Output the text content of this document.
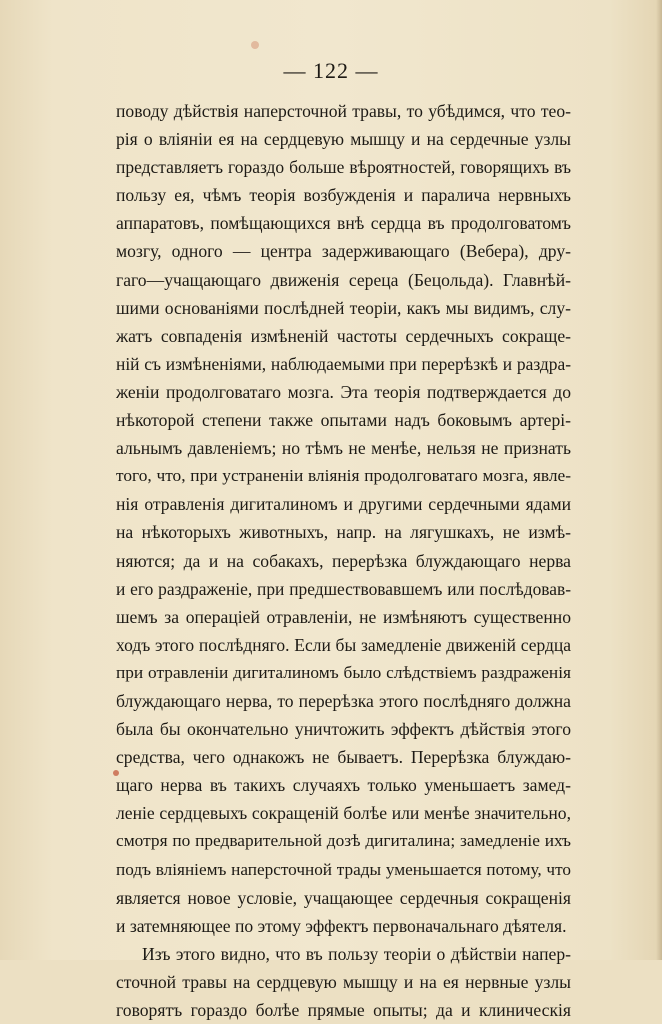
— 122 —
поводу дѣйствія наперсточной травы, то убѣдимся, что тео-
рія о вліяніи ея на сердцевую мышцу и на сердечные узлы
представляетъ гораздо больше вѣроятностей, говорящихъ въ
пользу ея, чѣмъ теорія возбужденія и паралича нервныхъ
аппаратовъ, помѣщающихся внѣ сердца въ продолговатомъ
мозгу, одного — центра задерживающаго (Вебера), дру-
гаго—учащающаго движенія серeца (Бецольда). Главнѣй-
шими основаніями послѣдней теоріи, какъ мы видимъ, слу-
жатъ совпаденія измѣненій частоты сердечныхъ сокраще-
ній съ измѣненіями, наблюдаемыми при перерѣзкѣ и раздра-
женіи продолговатаго мозга. Эта теорія подтверждается до
нѣкоторой степени также опытами надъ боковымъ артерi-
альнымъ давленіемъ; но тѣмъ не менѣе, нельзя не признать
того, что, при устраненіи вліянія продолговатаго мозга, явле-
нія отравленія дигиталиномъ и другими сердечными ядами
на нѣкоторыхъ животныхъ, напр. на лягушкахъ, не измѣ-
няются; да и на собакахъ, перерѣзка блуждающаго нерва
и его раздраженіе, при предшествовавшемъ или послѣдовав-
шемъ за операціей отравленіи, не измѣняютъ существенно
ходъ этого послѣдняго. Если бы замедленіе движеній сердца
при отравленіи дигиталиномъ было слѣдствіемъ раздраженія
блуждающаго нерва, то перерѣзка этого послѣдняго должна
была бы окончательно уничтожить эффектъ дѣйствія этого
средства, чего однакожъ не бываетъ. Перерѣзка блуждаю-
щаго нерва въ такихъ случаяхъ только уменьшаетъ замед-
леніе сердцевыхъ сокращеній болѣе или менѣе значительно,
смотря по предварительной дозѣ дигиталина; замедленіе ихъ
подъ вліяніемъ наперсточной трады уменьшается потому, что
является новое условіе, учащающее сердечныя сокращенія
и затемняющее по этому эффектъ первоначальнаго дѣятеля.
Изъ этого видно, что въ пользу теоріи о дѣйствіи напер-
сточной травы на сердцевую мышцу и на ея нервные узлы
говорятъ гораздо болѣе прямые опыты; да и клиническія
